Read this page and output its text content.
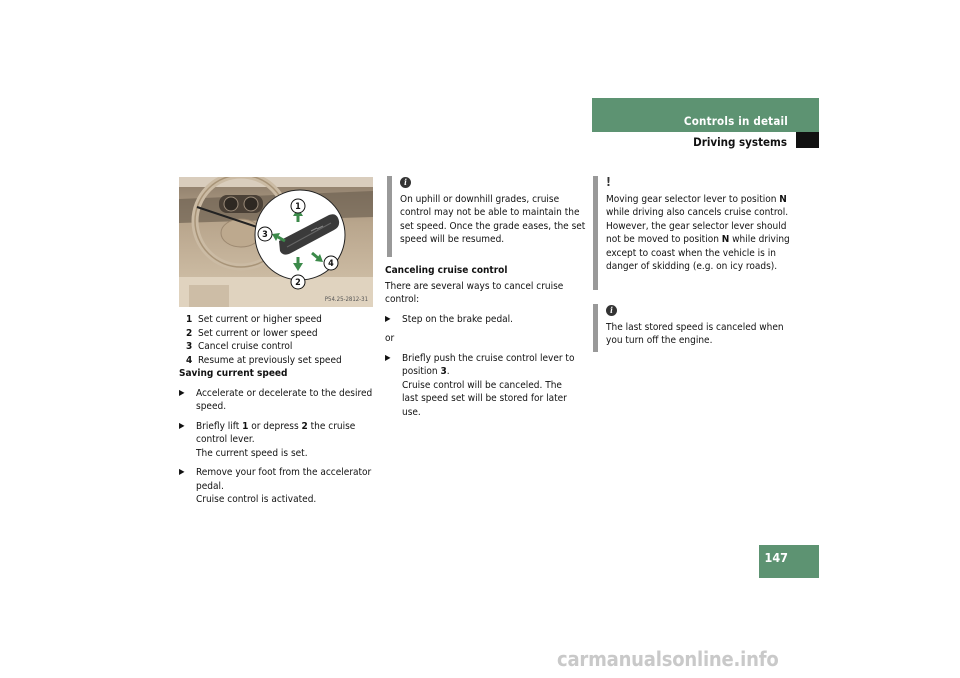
Controls in detail
Driving systems
147
1
2
3
4
P54.25-2812-31
1 Set current or higher speed
2 Set current or lower speed
3 Cancel cruise control
4 Resume at previously set speed

Saving current speed

▶	Accelerate or decelerate to the desired speed.
▶	Briefly lift 1 or depress 2 the cruise control lever.

The current speed is set.

▶	Remove your foot from the accelerator pedal.

Cruise control is activated.

i

On uphill or downhill grades, cruise control may not be able to maintain the set speed. Once the grade eases, the set speed will be resumed.

Canceling cruise control

There are several ways to cancel cruise control:

▶	Step on the brake pedal.

or

▶	Briefly push the cruise control lever to position 3.

Cruise control will be canceled. The last speed set will be stored for later use.

!

Moving gear selector lever to position N while driving also cancels cruise control. However, the gear selector lever should not be moved to position N while driving except to coast when the vehicle is in danger of skidding (e.g. on icy roads).

i

The last stored speed is canceled when you turn off the engine.

carmanualsonline.info
